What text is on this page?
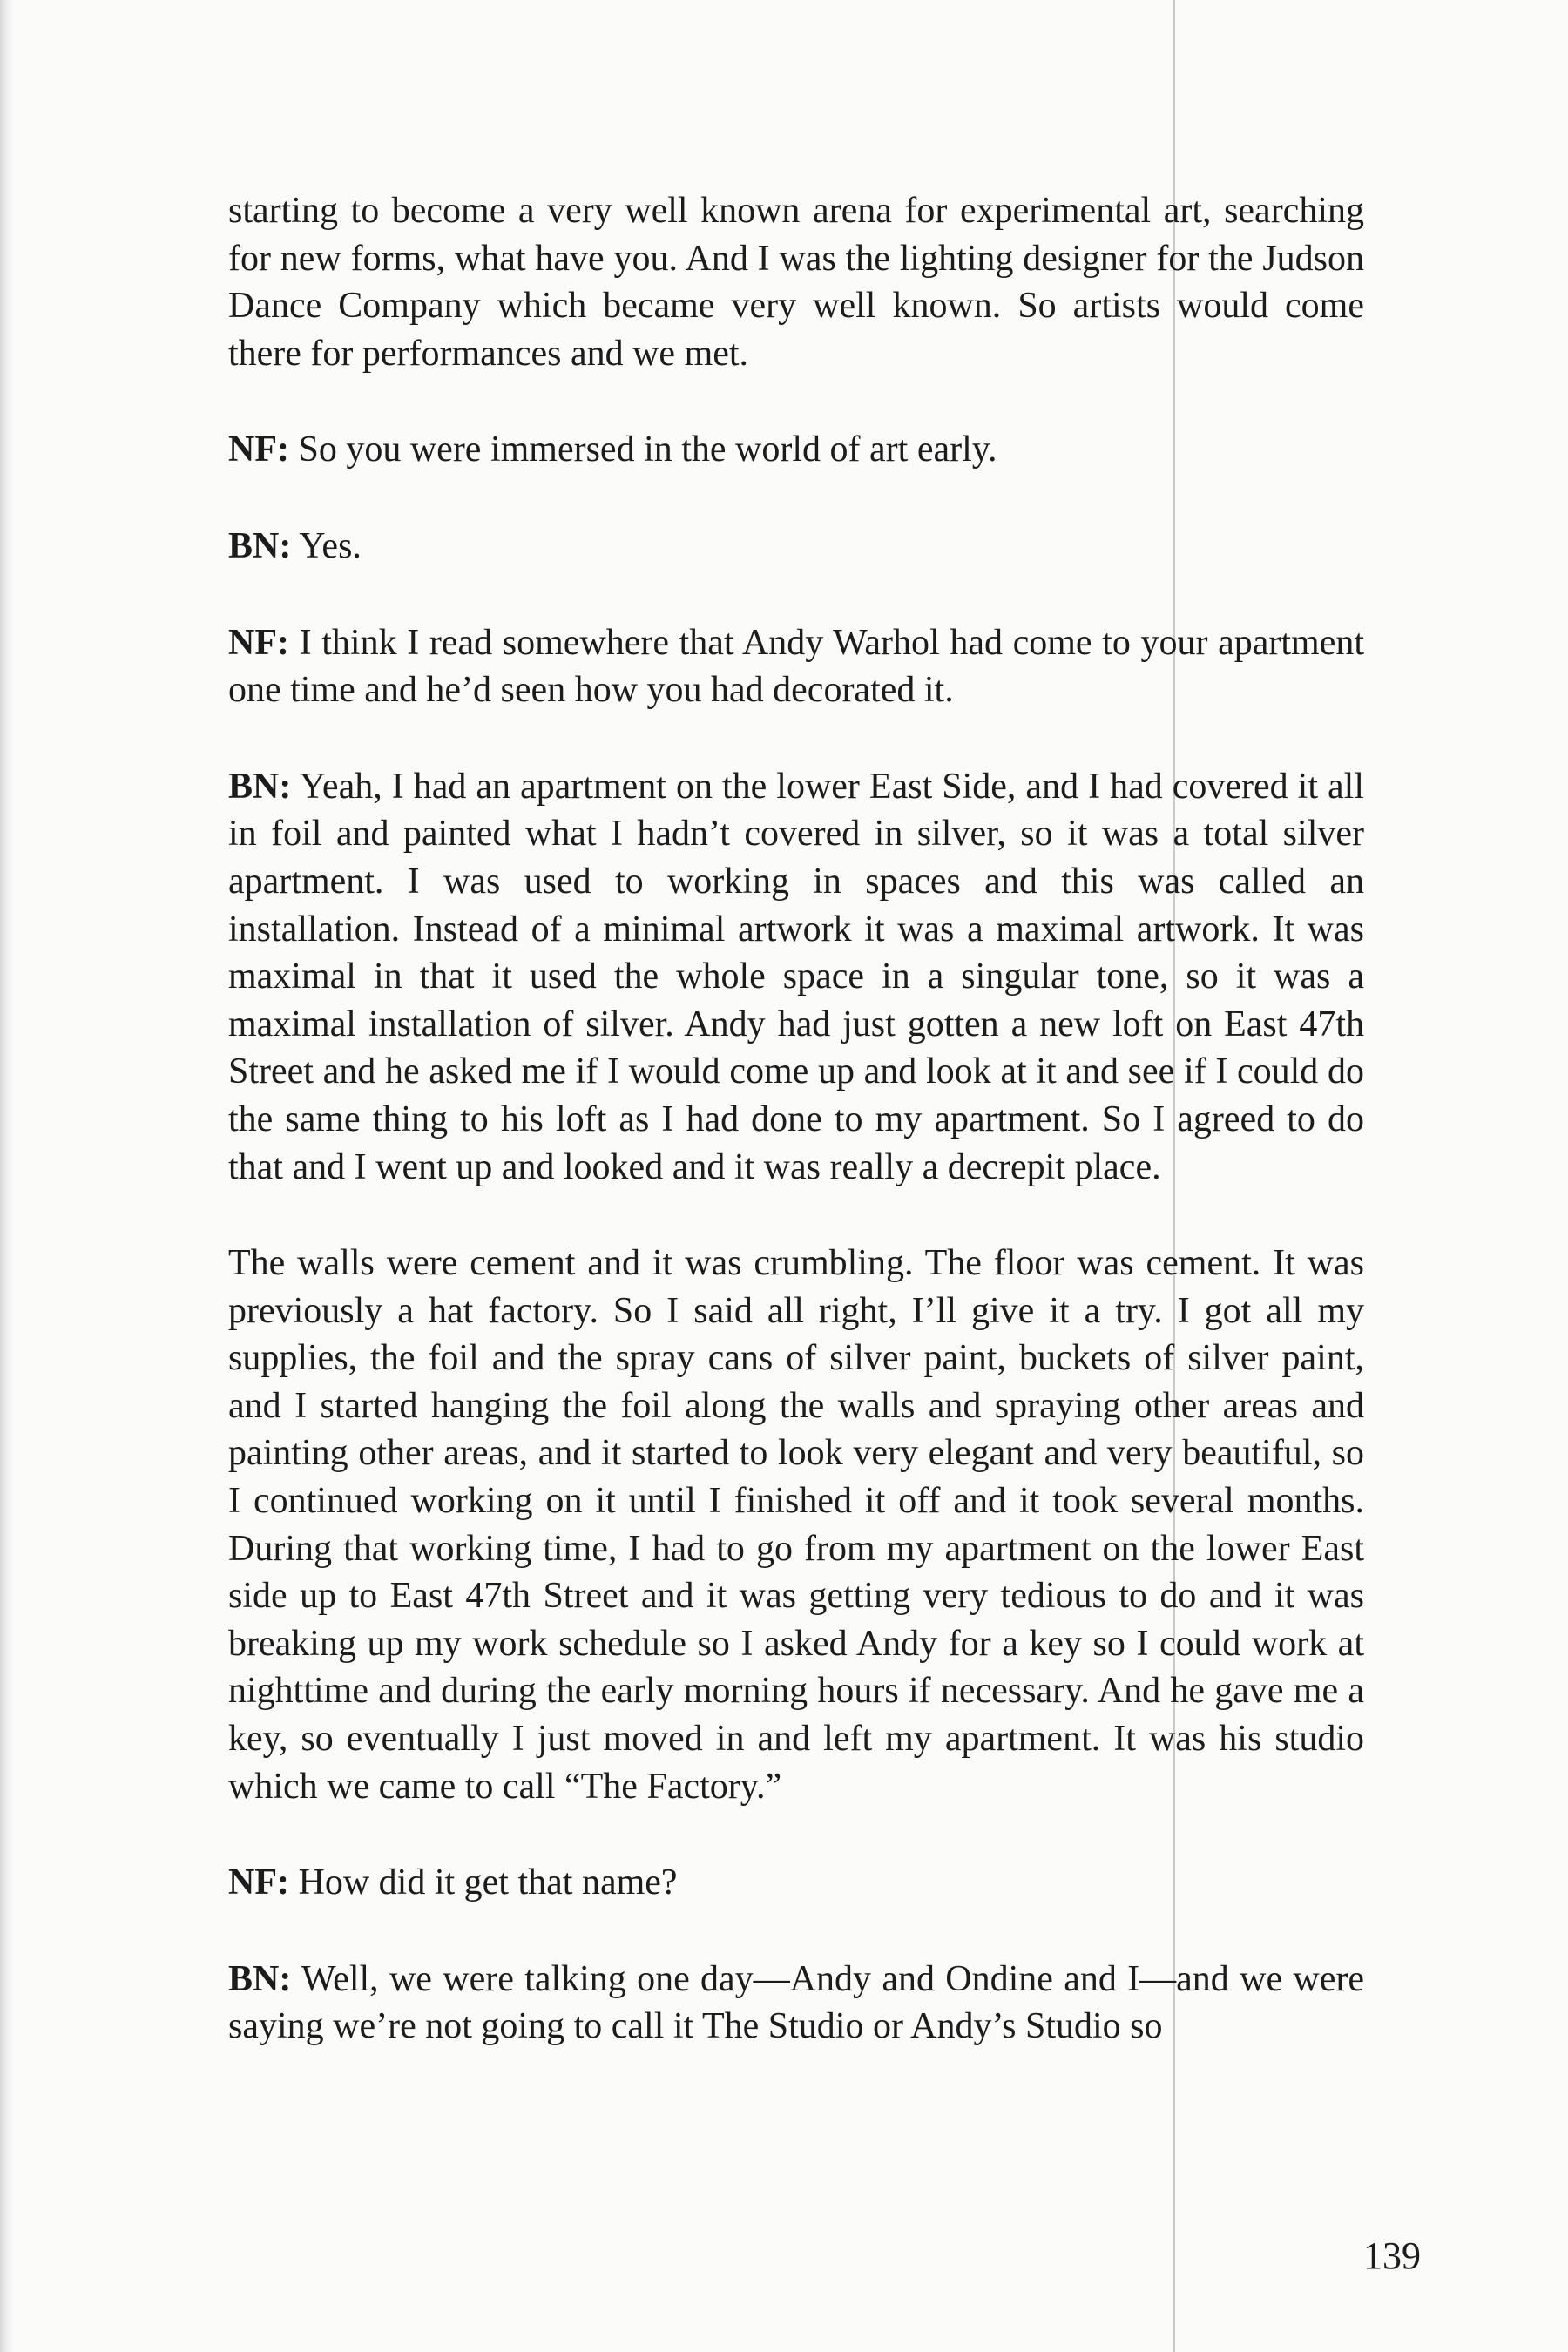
starting to become a very well known arena for experimental art, searching for new forms, what have you. And I was the lighting designer for the Judson Dance Company which became very well known. So artists would come there for performances and we met.

NF: So you were immersed in the world of art early.

BN: Yes.

NF: I think I read somewhere that Andy Warhol had come to your apartment one time and he’d seen how you had decorated it.

BN: Yeah, I had an apartment on the lower East Side, and I had covered it all in foil and painted what I hadn’t covered in silver, so it was a total silver apartment. I was used to working in spaces and this was called an installation. Instead of a minimal artwork it was a maximal artwork. It was maximal in that it used the whole space in a singular tone, so it was a maximal installation of silver. Andy had just gotten a new loft on East 47th Street and he asked me if I would come up and look at it and see if I could do the same thing to his loft as I had done to my apartment. So I agreed to do that and I went up and looked and it was really a decrepit place.

The walls were cement and it was crumbling. The floor was cement. It was previously a hat factory. So I said all right, I’ll give it a try. I got all my supplies, the foil and the spray cans of silver paint, buckets of silver paint, and I started hanging the foil along the walls and spraying other areas and painting other areas, and it started to look very elegant and very beautiful, so I continued working on it until I finished it off and it took several months. During that working time, I had to go from my apartment on the lower East side up to East 47th Street and it was getting very tedious to do and it was breaking up my work schedule so I asked Andy for a key so I could work at nighttime and during the early morning hours if necessary. And he gave me a key, so eventually I just moved in and left my apartment. It was his studio which we came to call “The Factory.”

NF: How did it get that name?

BN: Well, we were talking one day—Andy and Ondine and I—and we were saying we’re not going to call it The Studio or Andy’s Studio so

139
